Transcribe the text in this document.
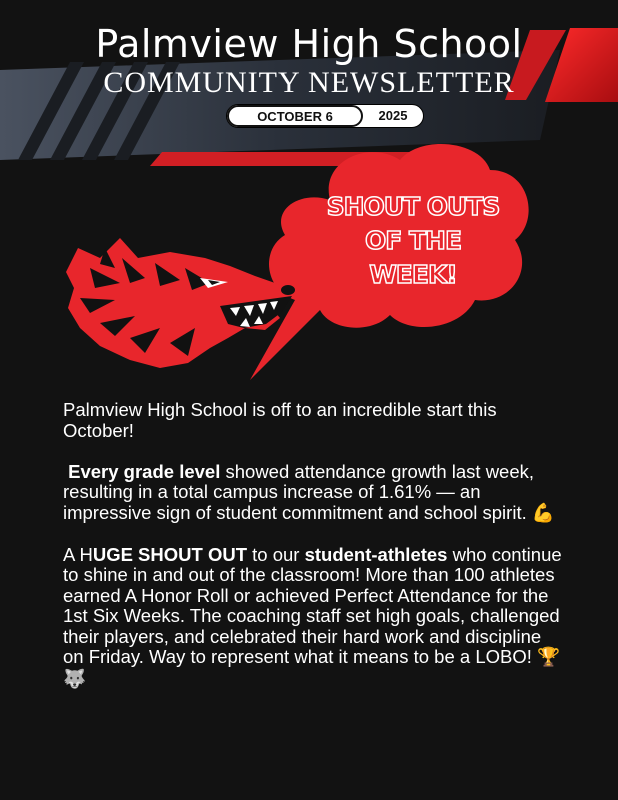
Palmview High School
COMMUNITY NEWSLETTER
OCTOBER 6	2025
SHOUT OUTS
OF THE WEEK!

Palmview High School is off to an incredible start this October!

Every grade level showed attendance growth last week, resulting in a total campus increase of 1.61% — an impressive sign of student commitment and school spirit. 💪

A HUGE SHOUT OUT to our student-athletes who continue to shine in and out of the classroom! More than 100 athletes earned A Honor Roll or achieved Perfect Attendance for the 1st Six Weeks. The coaching staff set high goals, challenged their players, and celebrated their hard work and discipline on Friday. Way to represent what it means to be a LOBO! 🏆🐺
